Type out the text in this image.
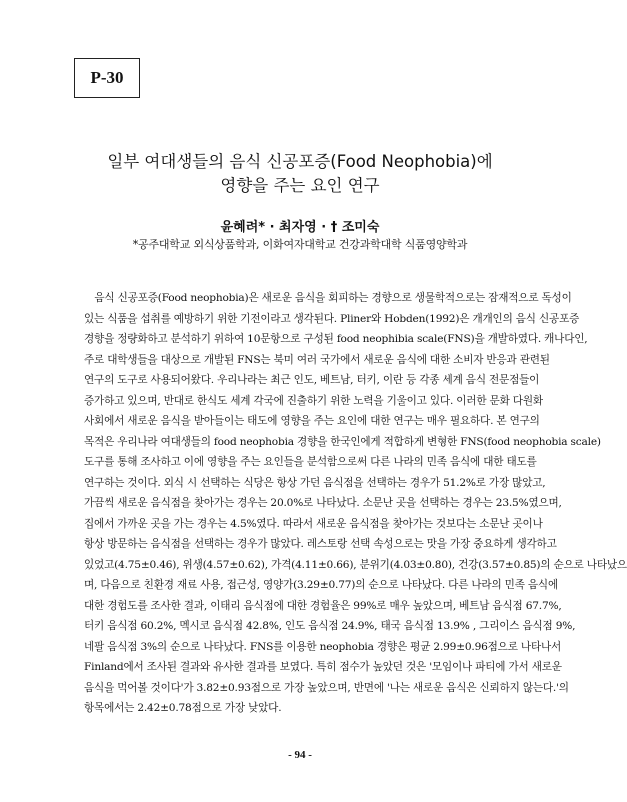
P-30
일부 여대생들의 음식 신공포증(Food Neophobia)에
영향을 주는 요인 연구
윤혜려* · 최자영 · † 조미숙
*공주대학교 외식상품학과, 이화여자대학교 건강과학대학 식품영양학과
　음식 신공포증(Food neophobia)은 새로운 음식을 회피하는 경향으로 생물학적으로는 잠재적으로 독성이
있는 식품을 섭취를 예방하기 위한 기전이라고 생각된다. Pliner와 Hobden(1992)은 개개인의 음식 신공포증
경향을 정량화하고 분석하기 위하여 10문항으로 구성된 food neophibia scale(FNS)을 개발하였다. 캐나다인,
주로 대학생들을 대상으로 개발된 FNS는 북미 여러 국가에서 새로운 음식에 대한 소비자 반응과 관련된
연구의 도구로 사용되어왔다. 우리나라는 최근 인도, 베트남, 터키, 이란 등 각종 세계 음식 전문점들이
증가하고 있으며, 반대로 한식도 세계 각국에 진출하기 위한 노력을 기울이고 있다. 이러한 문화 다원화
사회에서 새로운 음식을 받아들이는 태도에 영향을 주는 요인에 대한 연구는 매우 필요하다. 본 연구의
목적은 우리나라 여대생들의 food neophobia 경향을 한국인에게 적합하게 변형한 FNS(food neophobia scale)
도구를 통해 조사하고 이에 영향을 주는 요인들을 분석함으로써 다른 나라의 민족 음식에 대한 태도를
연구하는 것이다. 외식 시 선택하는 식당은 항상 가던 음식점을 선택하는 경우가 51.2%로 가장 많았고,
가끔씩 새로운 음식점을 찾아가는 경우는 20.0%로 나타났다. 소문난 곳을 선택하는 경우는 23.5%였으며,
집에서 가까운 곳을 가는 경우는 4.5%였다. 따라서 새로운 음식점을 찾아가는 것보다는 소문난 곳이나
항상 방문하는 음식점을 선택하는 경우가 많았다. 레스토랑 선택 속성으로는 맛을 가장 중요하게 생각하고
있었고(4.75±0.46), 위생(4.57±0.62), 가격(4.11±0.66), 분위기(4.03±0.80), 건강(3.57±0.85)의 순으로 나타났으
며, 다음으로 친환경 재료 사용, 접근성, 영양가(3.29±0.77)의 순으로 나타났다. 다른 나라의 민족 음식에
대한 경험도를 조사한 결과, 이태리 음식점에 대한 경험율은 99%로 매우 높았으며, 베트남 음식점 67.7%,
터키 음식점 60.2%, 멕시코 음식점 42.8%, 인도 음식점 24.9%, 태국 음식점 13.9% , 그리이스 음식점 9%,
네팔 음식점 3%의 순으로 나타났다. FNS를 이용한 neophobia 경향은 평균 2.99±0.96점으로 나타나서
Finland에서 조사된 결과와 유사한 결과를 보였다. 특히 점수가 높았던 것은 '모임이나 파티에 가서 새로운
음식을 먹어볼 것이다'가 3.82±0.93점으로 가장 높았으며, 반면에 '나는 새로운 음식은 신뢰하지 않는다.'의
항목에서는 2.42±0.78점으로 가장 낮았다.
- 94 -
